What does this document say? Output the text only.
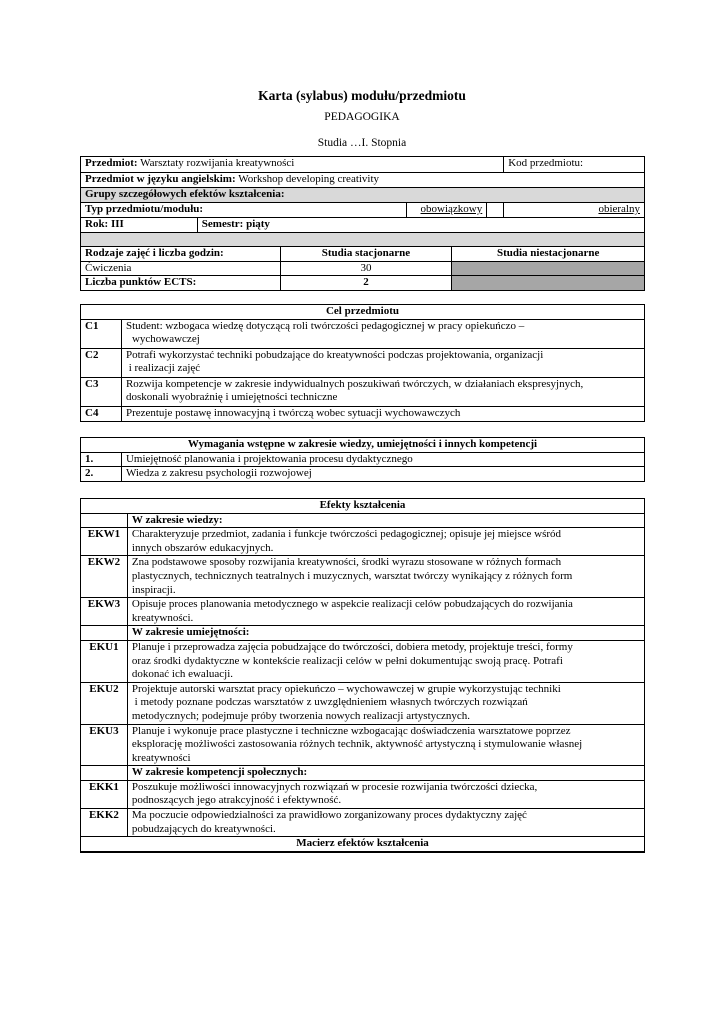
Karta (sylabus) modułu/przedmiotu
PEDAGOGIKA
Studia …I. Stopnia
Przedmiot: Warsztaty rozwijania kreatywności				Kod przedmiotu:
Przedmiot w języku angielskim: Workshop developing creativity				
Grupy szczegółowych efektów kształcenia:				
Typ przedmiotu/modułu:		obowiązkowy		obieralny
Rok: III	Semestr: piąty			

Rodzaje zajęć i liczba godzin:	Studia stacjonarne	Studia niestacjonarne
Ćwiczenia	30	
Liczba punktów ECTS:	2	
Cel przedmiotu	
C1	Student: wzbogaca wiedzę dotyczącą roli twórczości pedagogicznej w pracy opiekuńczo –
wychowawczej

C2	Potrafi wykorzystać techniki pobudzające do kreatywności podczas projektowania, organizacji
i realizacji zajęć

C3	Rozwija kompetencje w zakresie indywidualnych poszukiwań twórczych, w działaniach ekspresyjnych,
doskonali wyobraźnię i umiejętności techniczne

C4	Prezentuje postawę innowacyjną i twórczą wobec sytuacji wychowawczych
Wymagania wstępne w zakresie wiedzy, umiejętności i innych kompetencji	
1.	Umiejętność planowania i projektowania procesu dydaktycznego
2.	Wiedza z zakresu psychologii rozwojowej
Efekty kształcenia	
	W zakresie wiedzy:
EKW1	Charakteryzuje przedmiot, zadania i funkcje twórczości pedagogicznej; opisuje jej miejsce wśród
innych obszarów edukacyjnych.

EKW2	Zna podstawowe sposoby rozwijania kreatywności, środki wyrazu stosowane w różnych formach
plastycznych, technicznych teatralnych i muzycznych, warsztat twórczy wynikający z różnych form
inspiracji.

EKW3	Opisuje proces planowania metodycznego w aspekcie realizacji celów pobudzających do rozwijania
kreatywności.

	W zakresie umiejętności:
EKU1	Planuje i przeprowadza zajęcia pobudzające do twórczości, dobiera metody, projektuje treści, formy
oraz środki dydaktyczne w kontekście realizacji celów w pełni dokumentując swoją pracę. Potrafi
dokonać ich ewaluacji.

EKU2	Projektuje autorski warsztat pracy opiekuńczo – wychowawczej w grupie wykorzystując techniki
i metody poznane podczas warsztatów z uwzględnieniem własnych twórczych rozwiązań
metodycznych; podejmuje próby tworzenia nowych realizacji artystycznych.

EKU3	Planuje i wykonuje prace plastyczne i techniczne wzbogacając doświadczenia warsztatowe poprzez
eksplorację możliwości zastosowania różnych technik, aktywność artystyczną i stymulowanie własnej
kreatywności

	W zakresie kompetencji społecznych:
EKK1	Poszukuje możliwości innowacyjnych rozwiązań w procesie rozwijania twórczości dziecka,
podnoszących jego atrakcyjność i efektywność.

EKK2	Ma poczucie odpowiedzialności za prawidłowo zorganizowany proces dydaktyczny zajęć
pobudzających do kreatywności.

Macierz efektów kształcenia	
